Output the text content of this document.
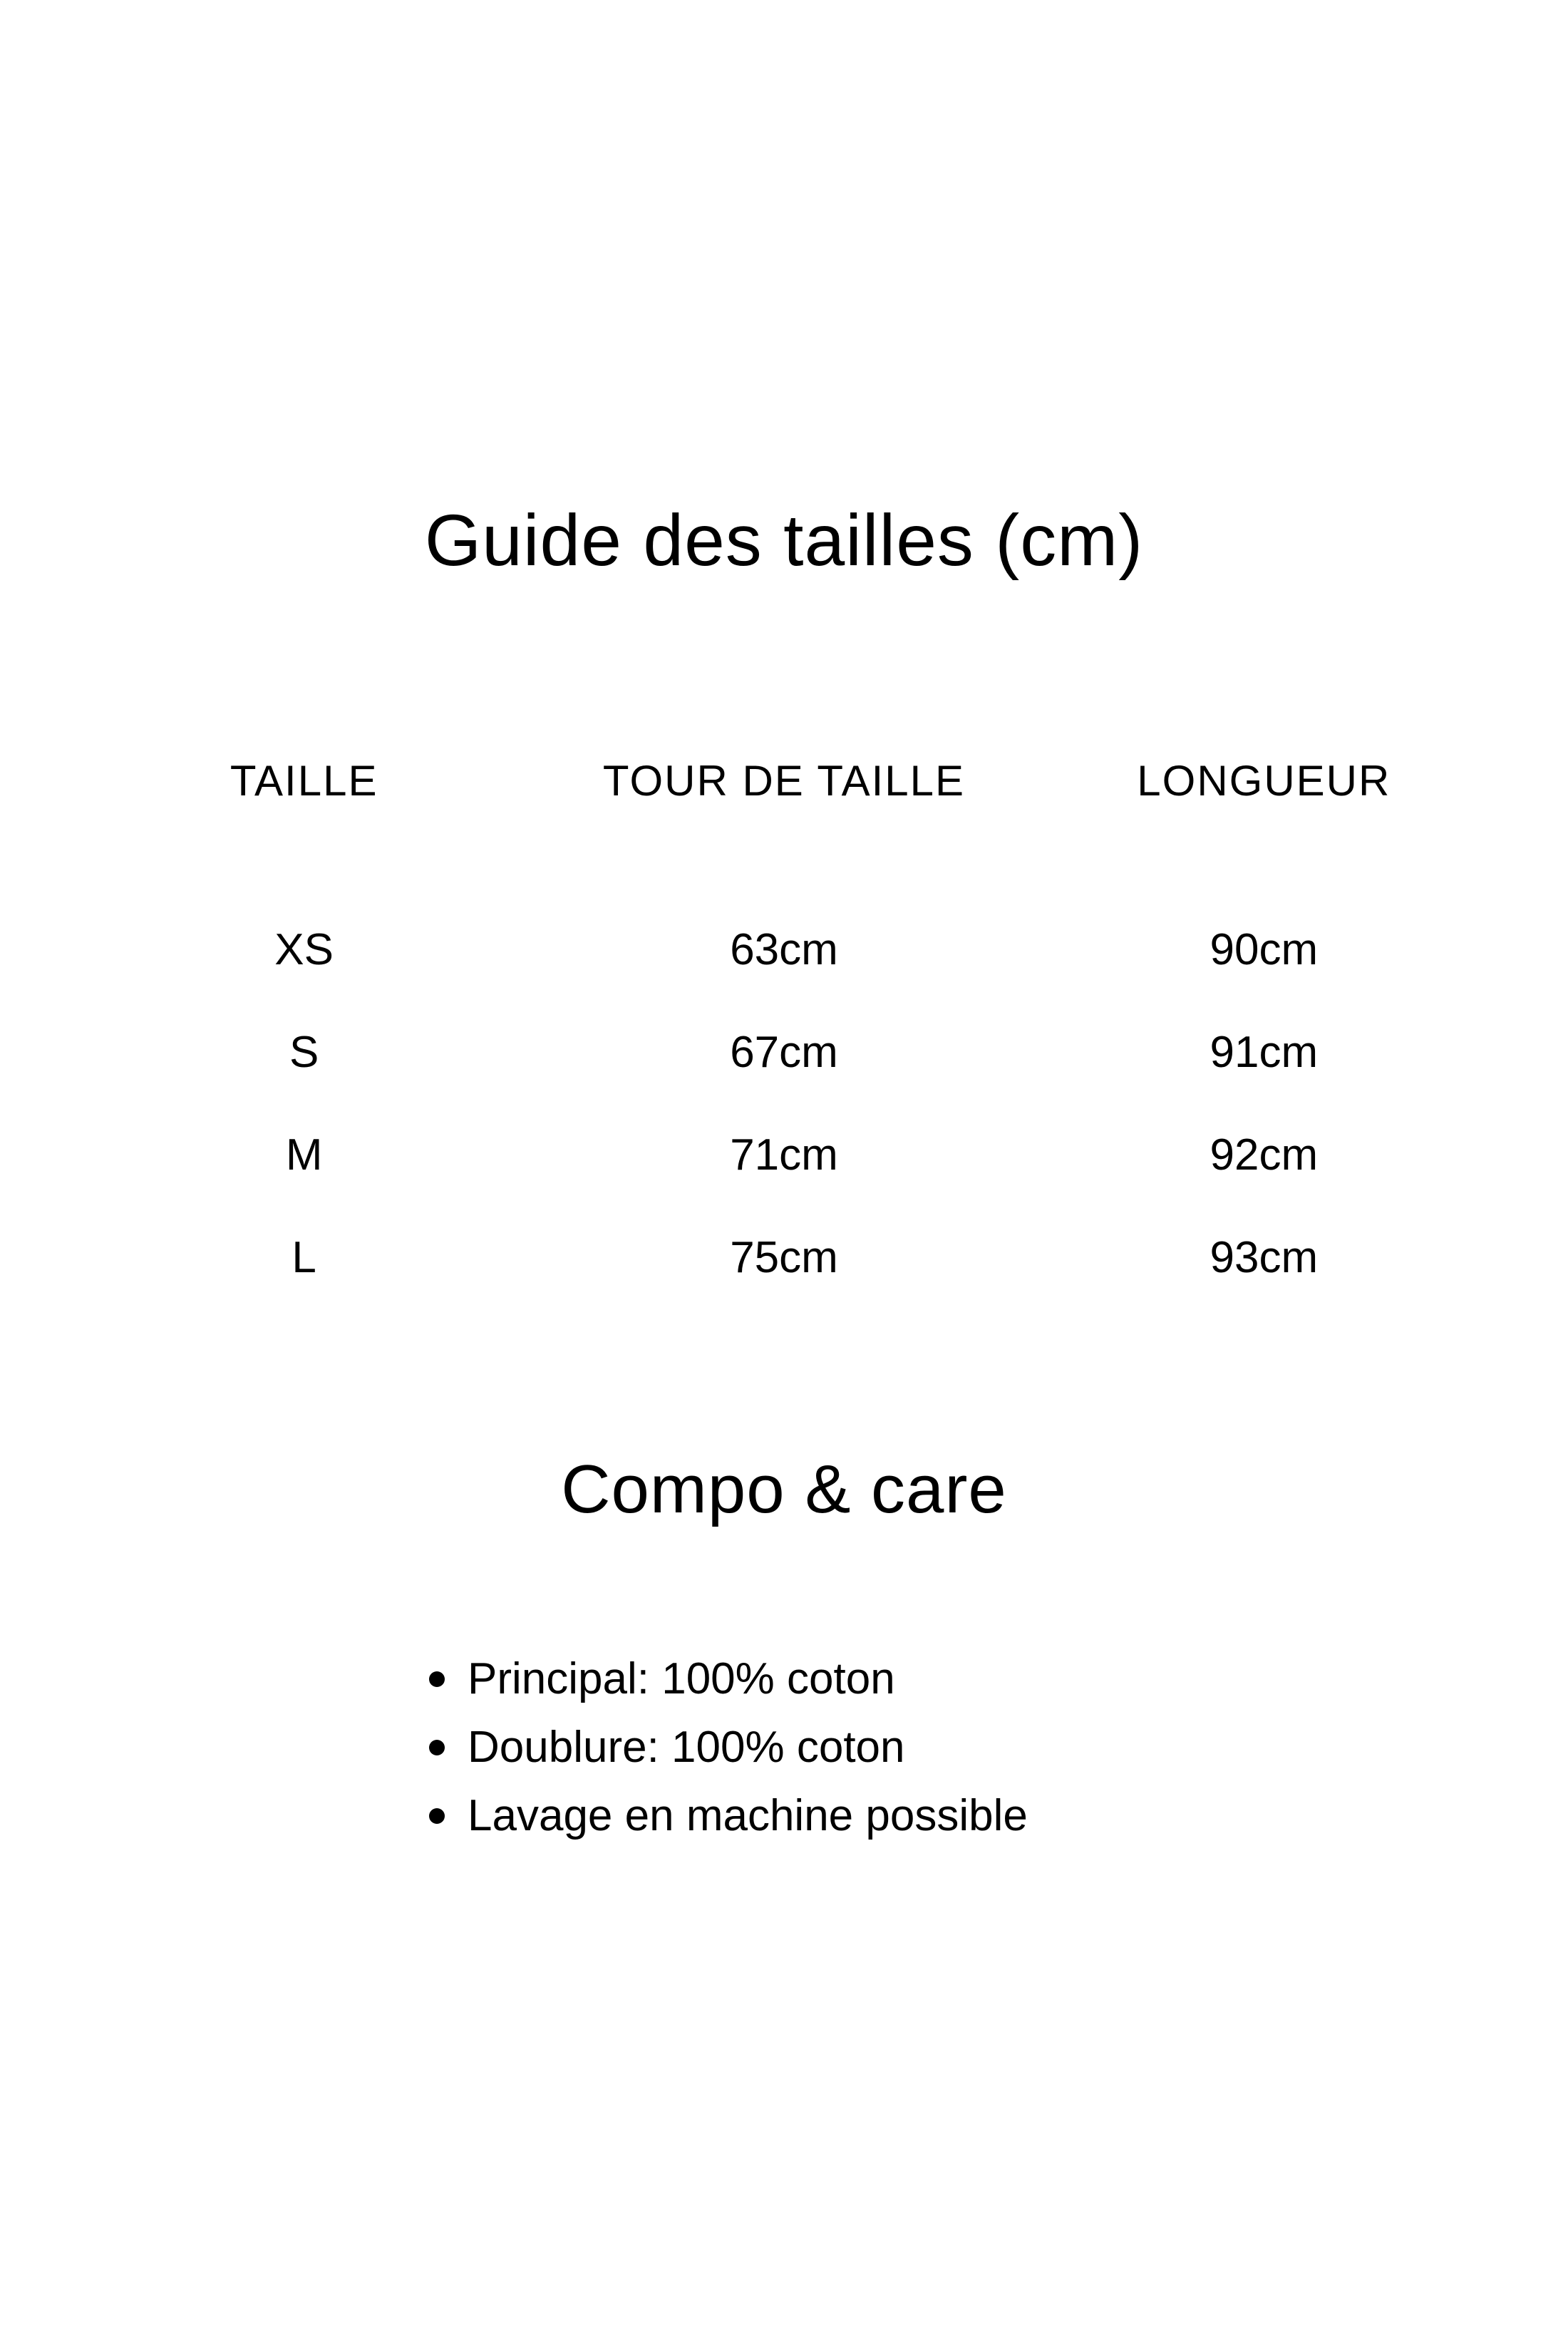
Guide des tailles (cm)
TAILLE	TOUR DE TAILLE	LONGUEUR
XS	63cm	90cm
S	67cm	91cm
M	71cm	92cm
L	75cm	93cm
Compo & care
Principal: 100% coton
Doublure: 100% coton
Lavage en machine possible
